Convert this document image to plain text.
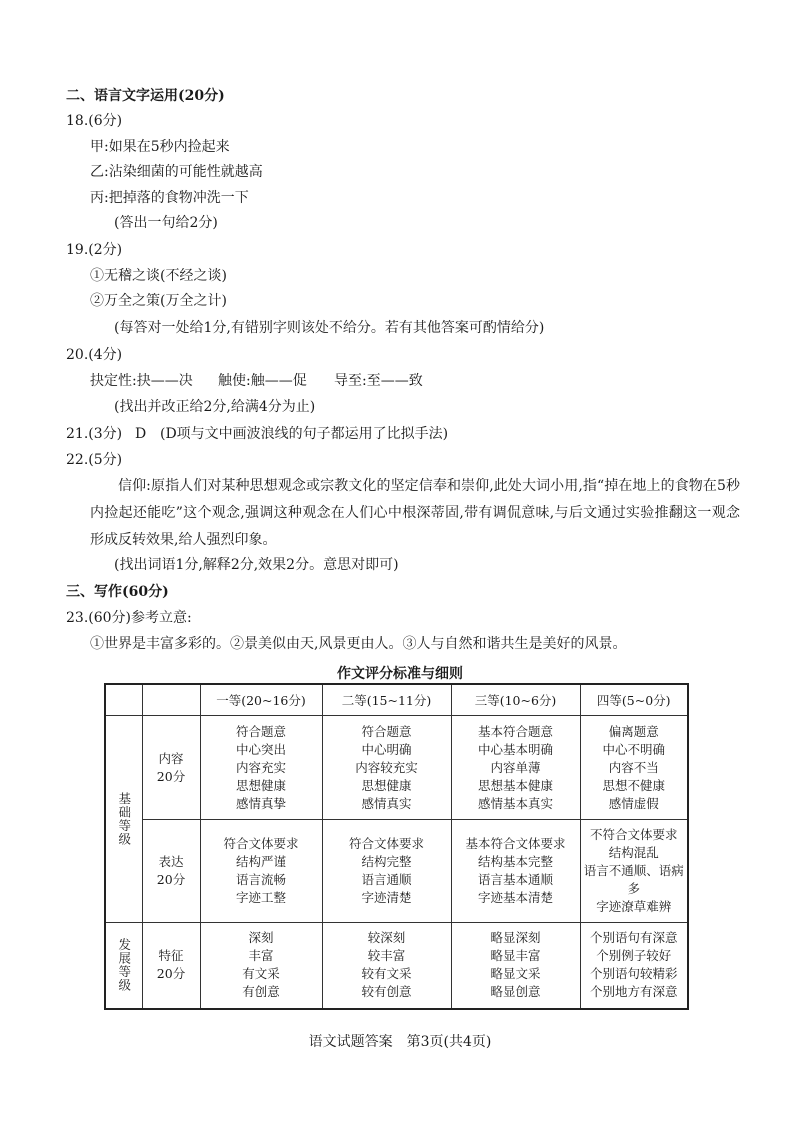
二、语言文字运用(20分)
18.(6分)
甲:如果在5秒内捡起来
乙:沾染细菌的可能性就越高
丙:把掉落的食物冲洗一下
(答出一句给2分)
19.(2分)
①无稽之谈(不经之谈)
②万全之策(万全之计)
(每答对一处给1分,有错别字则该处不给分。若有其他答案可酌情给分)
20.(4分)
抉定性:抉——决 触使:触——促 导至:至——致
(找出并改正给2分,给满4分为止)
21.(3分) D (D项与文中画波浪线的句子都运用了比拟手法)
22.(5分)
信仰:原指人们对某种思想观念或宗教文化的坚定信奉和崇仰,此处大词小用,指“掉在地上的食物在5秒内捡起还能吃”这个观念,强调这种观念在人们心中根深蒂固,带有调侃意味,与后文通过实验推翻这一观念形成反转效果,给人强烈印象。
(找出词语1分,解释2分,效果2分。意思对即可)
三、写作(60分)
23.(60分)参考立意:
①世界是丰富多彩的。②景美似由天,风景更由人。③人与自然和谐共生是美好的风景。
作文评分标准与细则
		一等(20~16分)	二等(15~11分)	三等(10~6分)	四等(5~0分)

基础等级	内容
20分	符合题意
中心突出
内容充实
思想健康
感情真挚	符合题意
中心明确
内容较充实
思想健康
感情真实	基本符合题意
中心基本明确
内容单薄
思想基本健康
感情基本真实	偏离题意
中心不明确
内容不当
思想不健康
感情虚假

	表达
20分	符合文体要求
结构严谨
语言流畅
字迹工整	符合文体要求
结构完整
语言通顺
字迹清楚	基本符合文体要求
结构基本完整
语言基本通顺
字迹基本清楚	不符合文体要求
结构混乱
语言不通顺、语病多
字迹潦草难辨

发展等级	特征
20分	深刻
丰富
有文采
有创意	较深刻
较丰富
较有文采
较有创意	略显深刻
略显丰富
略显文采
略显创意	个别语句有深意
个别例子较好
个别语句较精彩
个别地方有深意
语文试题答案　第3页(共4页)
